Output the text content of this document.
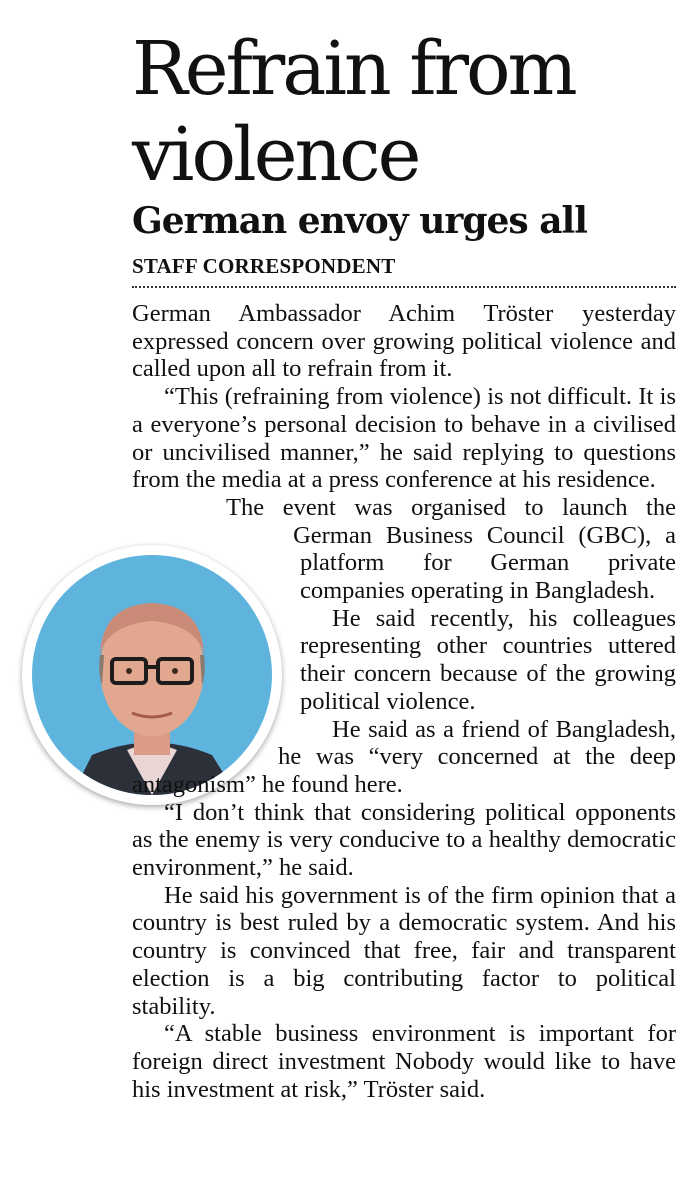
Refrain from violence
German envoy urges all
STAFF CORRESPONDENT

German Ambassador Achim Tröster yesterday expressed concern over growing political violence and called upon all to refrain from it.

“This (refraining from violence) is not difficult. It is a everyone’s personal decision to behave in a civilised or uncivilised manner,” he said replying to questions from the media at a press conference at his residence.

The event was organised to launch the German Business Council (GBC), a platform for German private companies operating in Bangladesh.

He said recently, his colleagues representing other countries uttered their concern because of the growing political violence.

He said as a friend of Bangladesh, he was “very concerned at the deep antagonism” he found here.

“I don’t think that considering political opponents as the enemy is very conducive to a healthy democratic environment,” he said.

He said his government is of the firm opinion that a country is best ruled by a democratic system. And his country is convinced that free, fair and transparent election is a big contributing factor to political stability.

“A stable business environment is important for foreign direct investment Nobody would like to have his investment at risk,” Tröster said.
